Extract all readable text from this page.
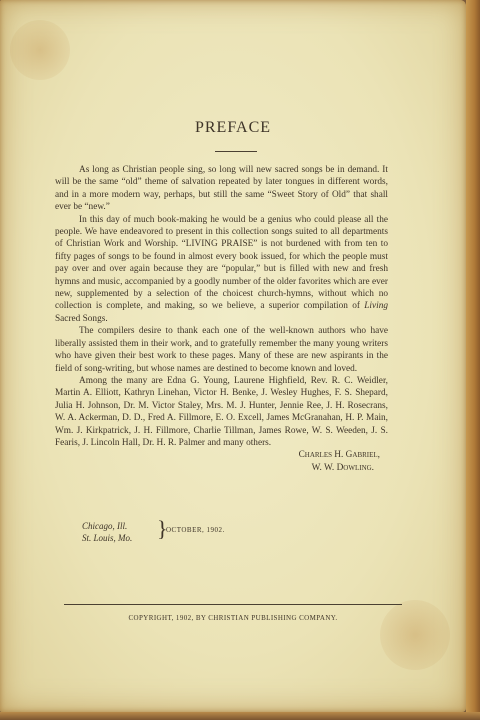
PREFACE

As long as Christian people sing, so long will new sacred songs be in demand. It will be the same “old” theme of salvation repeated by later tongues in different words, and in a more modern way, perhaps, but still the same “Sweet Story of Old” that shall ever be “new.”

In this day of much book-making he would be a genius who could please all the people. We have endeavored to present in this collection songs suited to all departments of Christian Work and Worship. “LIVING PRAISE” is not burdened with from ten to fifty pages of songs to be found in almost every book issued, for which the people must pay over and over again because they are “popular,” but is filled with new and fresh hymns and music, accompanied by a goodly number of the older favorites which are ever new, supplemented by a selection of the choicest church-hymns, without which no collection is complete, and making, so we believe, a superior compilation of Living Sacred Songs.

The compilers desire to thank each one of the well-known authors who have liberally assisted them in their work, and to gratefully remember the many young writers who have given their best work to these pages. Many of these are new aspirants in the field of song-writing, but whose names are destined to become known and loved.

Among the many are Edna G. Young, Laurene Highfield, Rev. R. C. Weidler, Martin A. Elliott, Kathryn Linehan, Victor H. Benke, J. Wesley Hughes, F. S. Shepard, Julia H. Johnson, Dr. M. Victor Staley, Mrs. M. J. Hunter, Jennie Ree, J. H. Rosecrans, W. A. Ackerman, D. D., Fred A. Fillmore, E. O. Excell, James McGranahan, H. P. Main, Wm. J. Kirkpatrick, J. H. Fillmore, Charlie Tillman, James Rowe, W. S. Weeden, J. S. Fearis, J. Lincoln Hall, Dr. H. R. Palmer and many others.

Charles H. Gabriel,

W. W. Dowling.

Chicago, Ill.
St. Louis, Mo. }
OCTOBER, 1902.
COPYRIGHT, 1902, BY CHRISTIAN PUBLISHING COMPANY.
